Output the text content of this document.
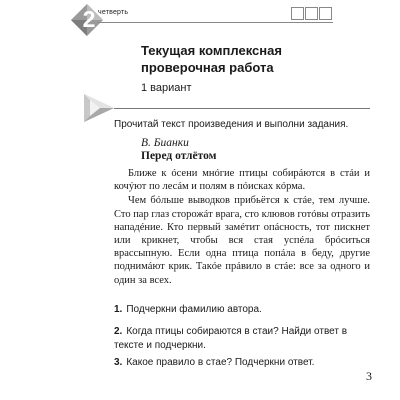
2 четверть
Текущая комплексная
проверочная работа
1 вариант
Прочитай текст произведения и выполни задания.
В. Бианки
Перед отлётом

Ближе к óсени мнóгие птицы собирáются в стáи и кочýют по лесáм и полям в пóисках кóрма.

Чем бóльше выводков прибьётся к стáе, тем лучше. Сто пар глаз сторожáт врага, сто клювов готóвы отразить нападéние. Кто первый замéтит опáсность, тот пискнет или крикнет, чтобы вся стая успéла брóситься врассыпную. Если одна птица попáла в беду, другие поднимáют крик. Такóе прáвило в стáе: все за одного и один за всех.

1. Подчеркни фамилию автора.
2. Когда птицы собираются в стаи? Найди ответ в тексте и подчеркни.
3. Какое правило в стае? Подчеркни ответ.
3
